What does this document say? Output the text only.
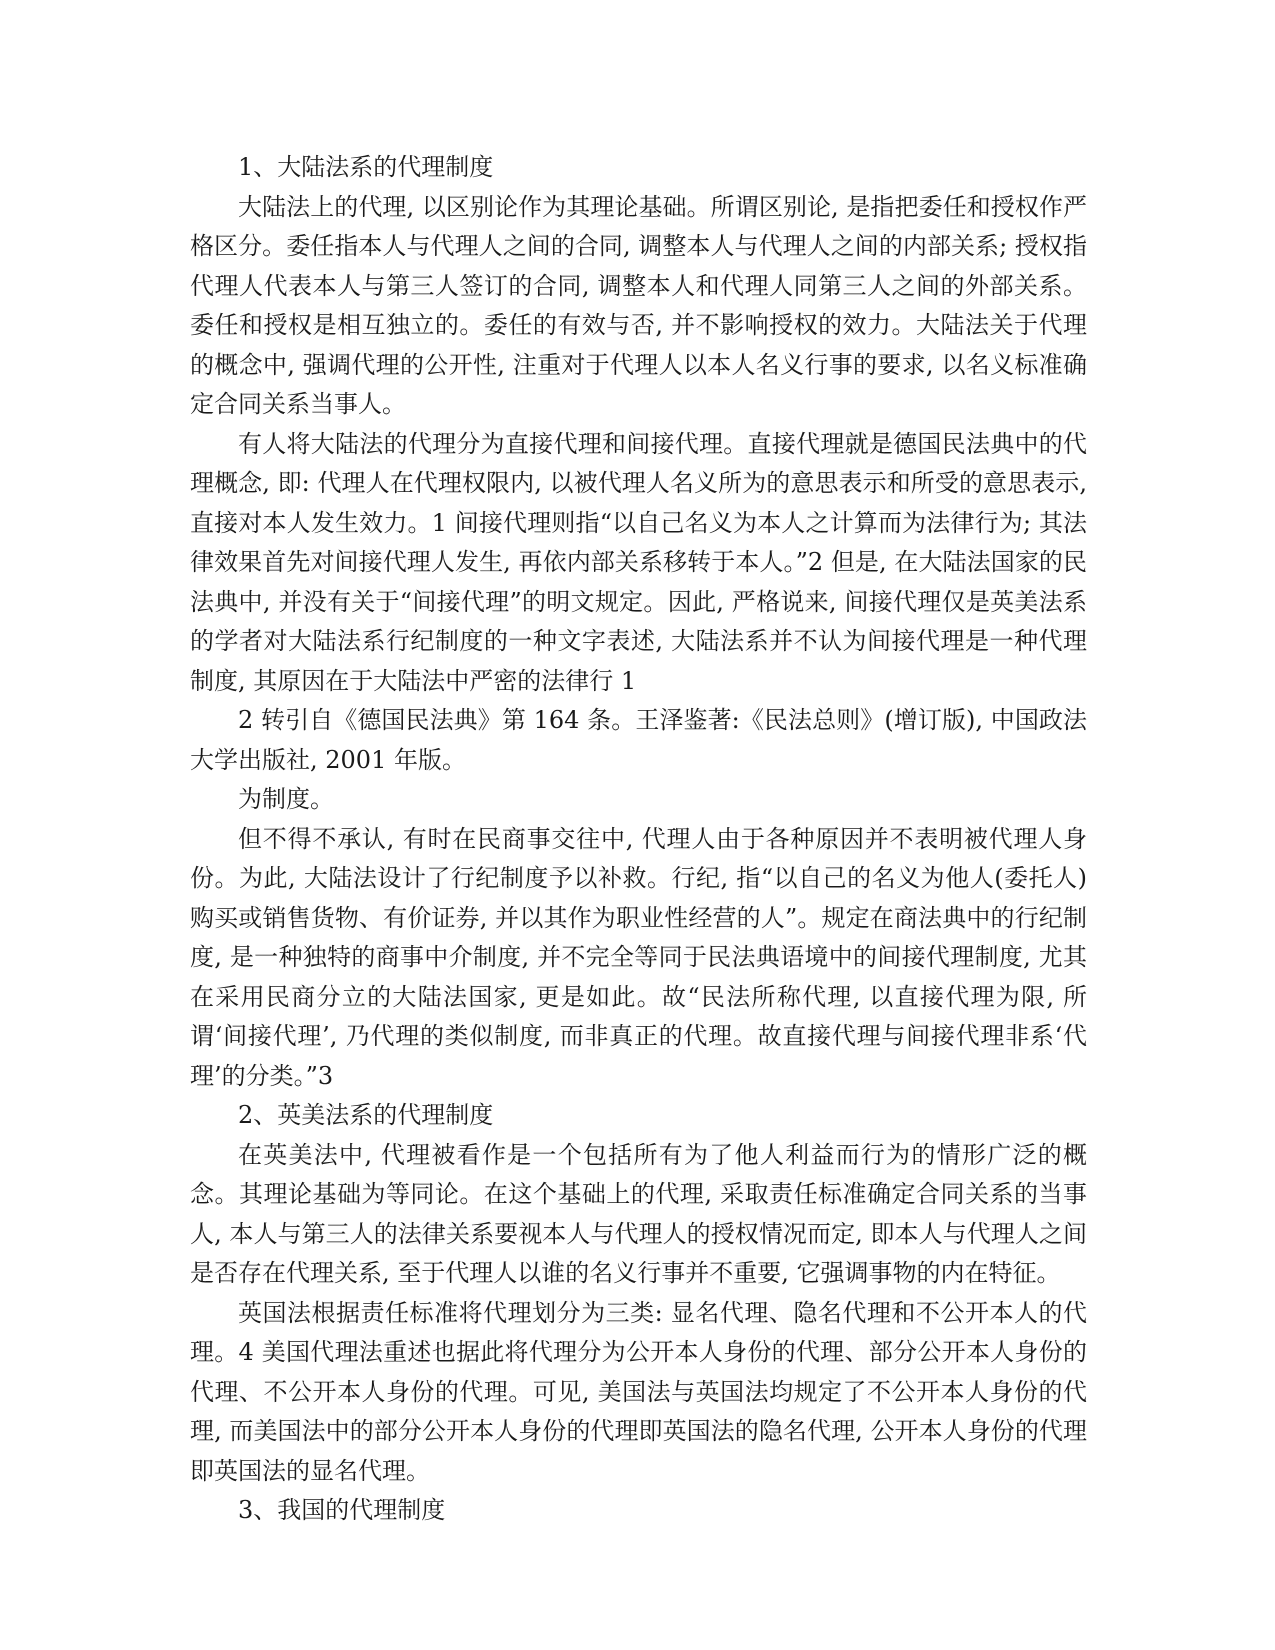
1、大陆法系的代理制度

大陆法上的代理, 以区别论作为其理论基础。所谓区别论, 是指把委任和授权作严格区分。委任指本人与代理人之间的合同, 调整本人与代理人之间的内部关系; 授权指代理人代表本人与第三人签订的合同, 调整本人和代理人同第三人之间的外部关系。委任和授权是相互独立的。委任的有效与否, 并不影响授权的效力。大陆法关于代理的概念中, 强调代理的公开性, 注重对于代理人以本人名义行事的要求, 以名义标准确定合同关系当事人。

有人将大陆法的代理分为直接代理和间接代理。直接代理就是德国民法典中的代理概念, 即: 代理人在代理权限内, 以被代理人名义所为的意思表示和所受的意思表示, 直接对本人发生效力。1 间接代理则指“以自己名义为本人之计算而为法律行为; 其法律效果首先对间接代理人发生, 再依内部关系移转于本人。”2 但是, 在大陆法国家的民法典中, 并没有关于“间接代理”的明文规定。因此, 严格说来, 间接代理仅是英美法系的学者对大陆法系行纪制度的一种文字表述, 大陆法系并不认为间接代理是一种代理制度, 其原因在于大陆法中严密的法律行 1

2 转引自《德国民法典》第 164 条。王泽鉴著:《民法总则》(增订版), 中国政法大学出版社, 2001 年版。

为制度。

但不得不承认, 有时在民商事交往中, 代理人由于各种原因并不表明被代理人身份。为此, 大陆法设计了行纪制度予以补救。行纪, 指“以自己的名义为他人(委托人)购买或销售货物、有价证券, 并以其作为职业性经营的人”。规定在商法典中的行纪制度, 是一种独特的商事中介制度, 并不完全等同于民法典语境中的间接代理制度, 尤其在采用民商分立的大陆法国家, 更是如此。故“民法所称代理, 以直接代理为限, 所谓‘间接代理’, 乃代理的类似制度, 而非真正的代理。故直接代理与间接代理非系‘代理’的分类。”3

2、英美法系的代理制度

在英美法中, 代理被看作是一个包括所有为了他人利益而行为的情形广泛的概念。其理论基础为等同论。在这个基础上的代理, 采取责任标准确定合同关系的当事人, 本人与第三人的法律关系要视本人与代理人的授权情况而定, 即本人与代理人之间是否存在代理关系, 至于代理人以谁的名义行事并不重要, 它强调事物的内在特征。

英国法根据责任标准将代理划分为三类: 显名代理、隐名代理和不公开本人的代理。4 美国代理法重述也据此将代理分为公开本人身份的代理、部分公开本人身份的代理、不公开本人身份的代理。可见, 美国法与英国法均规定了不公开本人身份的代理, 而美国法中的部分公开本人身份的代理即英国法的隐名代理, 公开本人身份的代理即英国法的显名代理。

3、我国的代理制度
